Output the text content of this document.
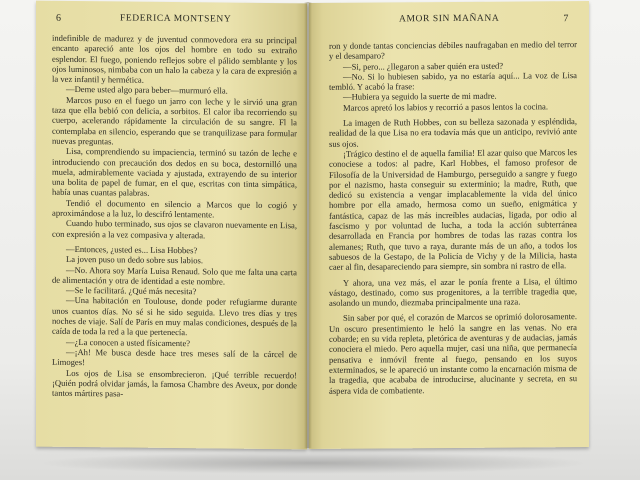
6	FEDERICA MONTSENY

indefinible de madurez y de juventud conmovedora era su principal encanto apareció ante los ojos del hombre en todo su extraño esplendor. El fuego, poniendo reflejos sobre el pálido semblante y los ojos luminosos, nimbaba con un halo la cabeza y la cara de expresión a la vez infantil y hermética.

—Deme usted algo para beber—murmuró ella.

Marcos puso en el fuego un jarro con leche y le sirvió una gran taza que ella bebió con delicia, a sorbitos. El calor iba recorriendo su cuerpo, acelerando rápidamente la circulación de su sangre. Fl la contemplaba en silencio, esperando que se tranquilizase para formular nuevas preguntas.

Lisa, comprendiendo su impaciencia, terminó su tazón de leche e introduciendo con precaución dos dedos en su boca, destornilló una muela, admirablemente vaciada y ajustada, extrayendo de su interior una bolita de papel de fumar, en el que, escritas con tinta simpática, había unas cuantas palabras.

Tendió el documento en silencio a Marcos que lo cogió y aproximándose a la luz, lo descifró lentamente.

Cuando hubo terminado, sus ojos se clavaron nuevamente en Lisa, con expresión a la vez compasiva y alterada.

—Entonces, ¿usted es... Lisa Hobbes?

La joven puso un dedo sobre sus labios.

—No. Ahora soy María Luisa Renaud. Solo que me falta una carta de alimentación y otra de identidad a este nombre.

—Se le facilitará. ¿Qué más necesita?

—Una habitación en Toulouse, donde poder refugiarme durante unos cuantos días. No sé si he sido seguida. Llevo tres días y tres noches de viaje. Salí de París en muy malas condiciones, después de la caída de toda la red a la que pertenecía.

—¿La conocen a usted físicamente?

—¡Ah! Me busca desde hace tres meses salí de la cárcel de Limoges!

Los ojos de Lisa se ensombrecieron. ¡Qué terrible recuerdo! ¡Quién podrá olvidar jamás, la famosa Chambre des Aveux, por donde tantos mártires pasa-

AMOR SIN MAÑANA	7

ron y donde tantas conciencias débiles naufragaban en medio del terror y el desamparo?

—Si, pero... ¿llegaron a saber quién era usted?

—No. Si lo hubiesen sabido, ya no estaría aquí... La voz de Lisa tembló. Y acabó la frase:

—Hubiera ya seguido la suerte de mi madre.

Marcos apretó los labios y recorrió a pasos lentos la cocina.

La imagen de Ruth Hobbes, con su belleza sazonada y espléndida, realidad de la que Lisa no era todavía más que un anticipo, revivió ante sus ojos.

¡Trágico destino el de aquella familia! El azar quiso que Marcos les conociese a todos: al padre, Karl Hobbes, el famoso profesor de Filosofía de la Universidad de Hamburgo, perseguido a sangre y fuego por el nazismo, hasta conseguir su exterminio; la madre, Ruth, que dedicó su existencia a vengar implacablemente la vida del único hombre por ella amado, hermosa como un sueño, enigmática y fantástica, capaz de las más increíbles audacias, ligada, por odio al fascismo y por voluntad de lucha, a toda la acción subterránea desarrollada en Francia por hombres de todas las razas contra los alemanes; Ruth, que tuvo a raya, durante más de un año, a todos los sabuesos de la Gestapo, de la Policía de Vichy y de la Milicia, hasta caer al fin, desapareciendo para siempre, sin sombra ni rastro de ella.

Y ahora, una vez más, el azar le ponía frente a Lisa, el último vástago, destinado, como sus progenitores, a la terrible tragedia que, asolando un mundo, diezmaba principalmente una raza.

Sin saber por qué, el corazón de Marcos se oprimió dolorosamente. Un oscuro presentimiento le heló la sangre en las venas. No era cobarde; en su vida repleta, pletórica de aventuras y de audacias, jamás conociera el miedo. Pero aquella mujer, casi una niña, que permanecía pensativa e inmóvil frente al fuego, pensando en los suyos exterminados, se le apareció un instante como la encarnación misma de la tragedia, que acababa de introducirse, alucinante y secreta, en su áspera vida de combatiente.
